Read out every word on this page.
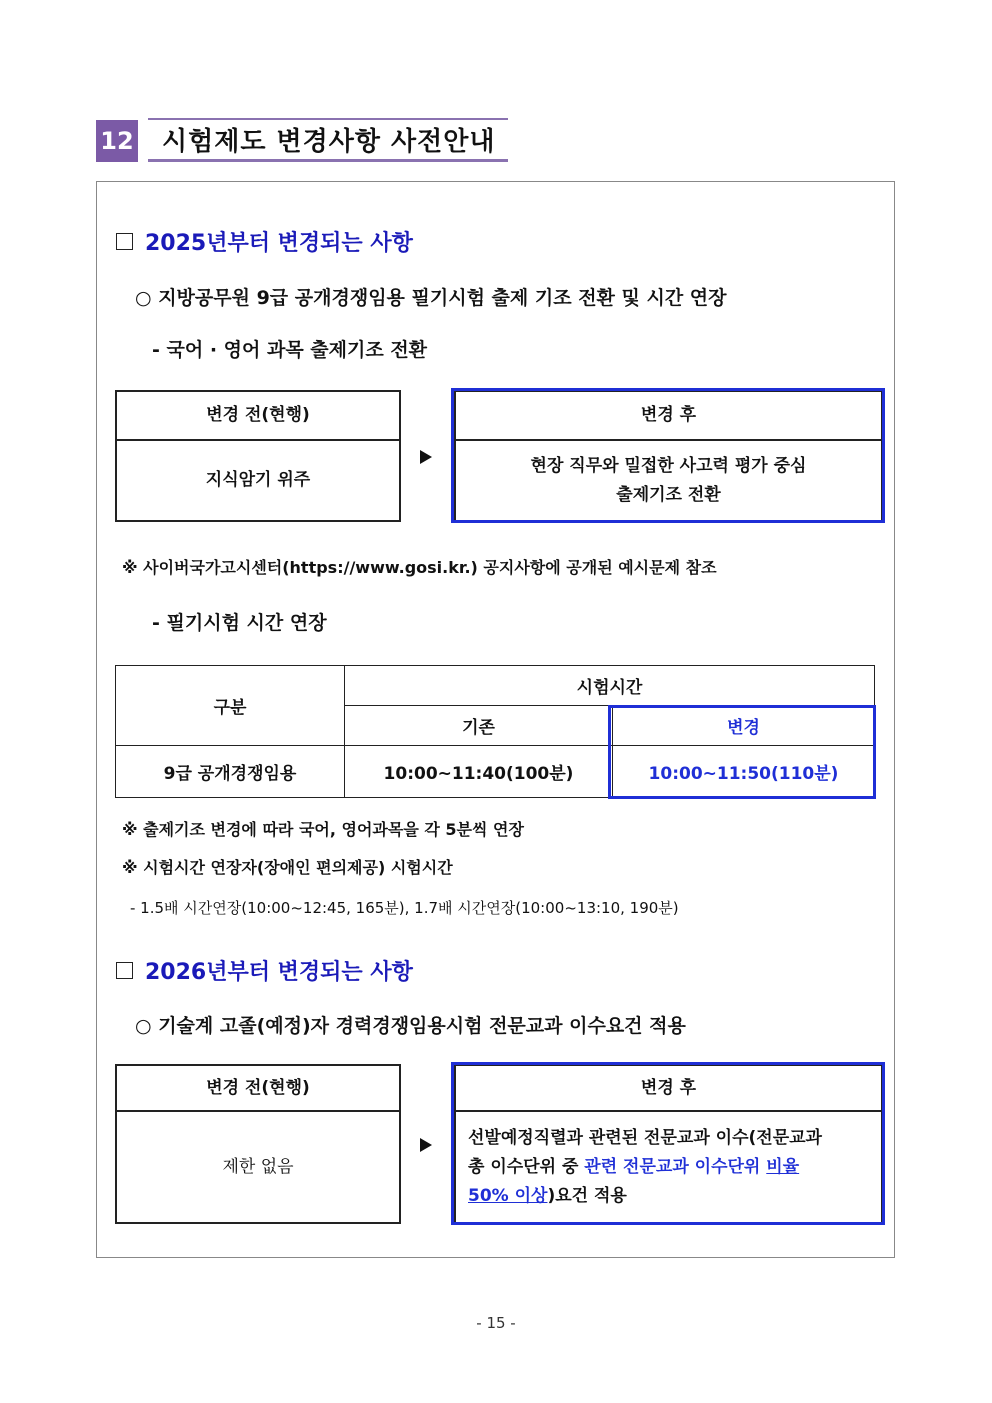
12 시험제도 변경사항 사전안내
2025년부터 변경되는 사항
○ 지방공무원 9급 공개경쟁임용 필기시험 출제 기조 전환 및 시간 연장
- 국어 · 영어 과목 출제기조 전환
변경 전(현행)
지식암기 위주
변경 후
현장 직무와 밀접한 사고력 평가 중심
출제기조 전환
※ 사이버국가고시센터(https://www.gosi.kr.) 공지사항에 공개된 예시문제 참조
- 필기시험 시간 연장
구분	시험시간	
	기존	변경
9급 공개경쟁임용	10:00~11:40(100분)	10:00~11:50(110분)
※ 출제기조 변경에 따라 국어, 영어과목을 각 5분씩 연장
※ 시험시간 연장자(장애인 편의제공) 시험시간
- 1.5배 시간연장(10:00~12:45, 165분), 1.7배 시간연장(10:00~13:10, 190분)
2026년부터 변경되는 사항
○ 기술계 고졸(예정)자 경력경쟁임용시험 전문교과 이수요건 적용
변경 전(현행)
제한 없음
변경 후
선발예정직렬과 관련된 전문교과 이수(전문교과
총 이수단위 중 관련 전문교과 이수단위 비율
50% 이상)요건 적용
- 15 -
